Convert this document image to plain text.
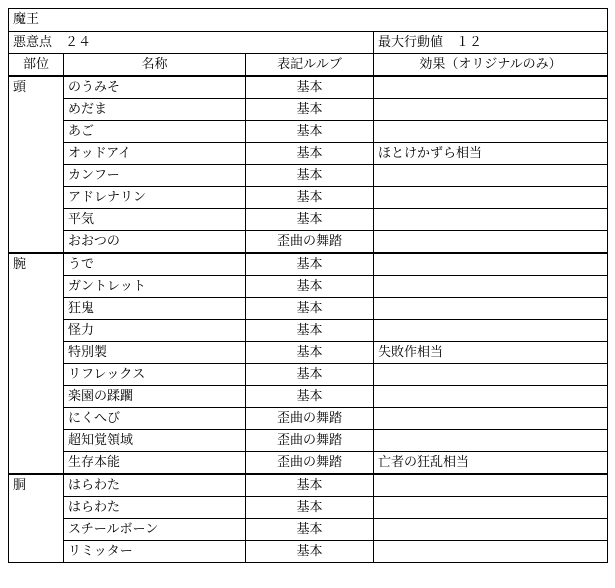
魔王			
悪意点　 ２４			最大行動値　 １２
部位	名称	表記ルルブ	効果（オリジナルのみ）
頭	のうみそ	基本	
	めだま	基本	
	あご	基本	
	オッドアイ	基本	ほとけかずら相当
	カンフー	基本	
	アドレナリン	基本	
	平気	基本	
	おおつの	歪曲の舞踏	
腕	うで	基本	
	ガントレット	基本	
	狂鬼	基本	
	怪力	基本	
	特別製	基本	失敗作相当
	リフレックス	基本	
	楽園の蹂躙	基本	
	にくへび	歪曲の舞踏	
	超知覚領域	歪曲の舞踏	
	生存本能	歪曲の舞踏	亡者の狂乱相当
胴	はらわた	基本	
	はらわた	基本	
	スチールボーン	基本	
	リミッター	基本	
